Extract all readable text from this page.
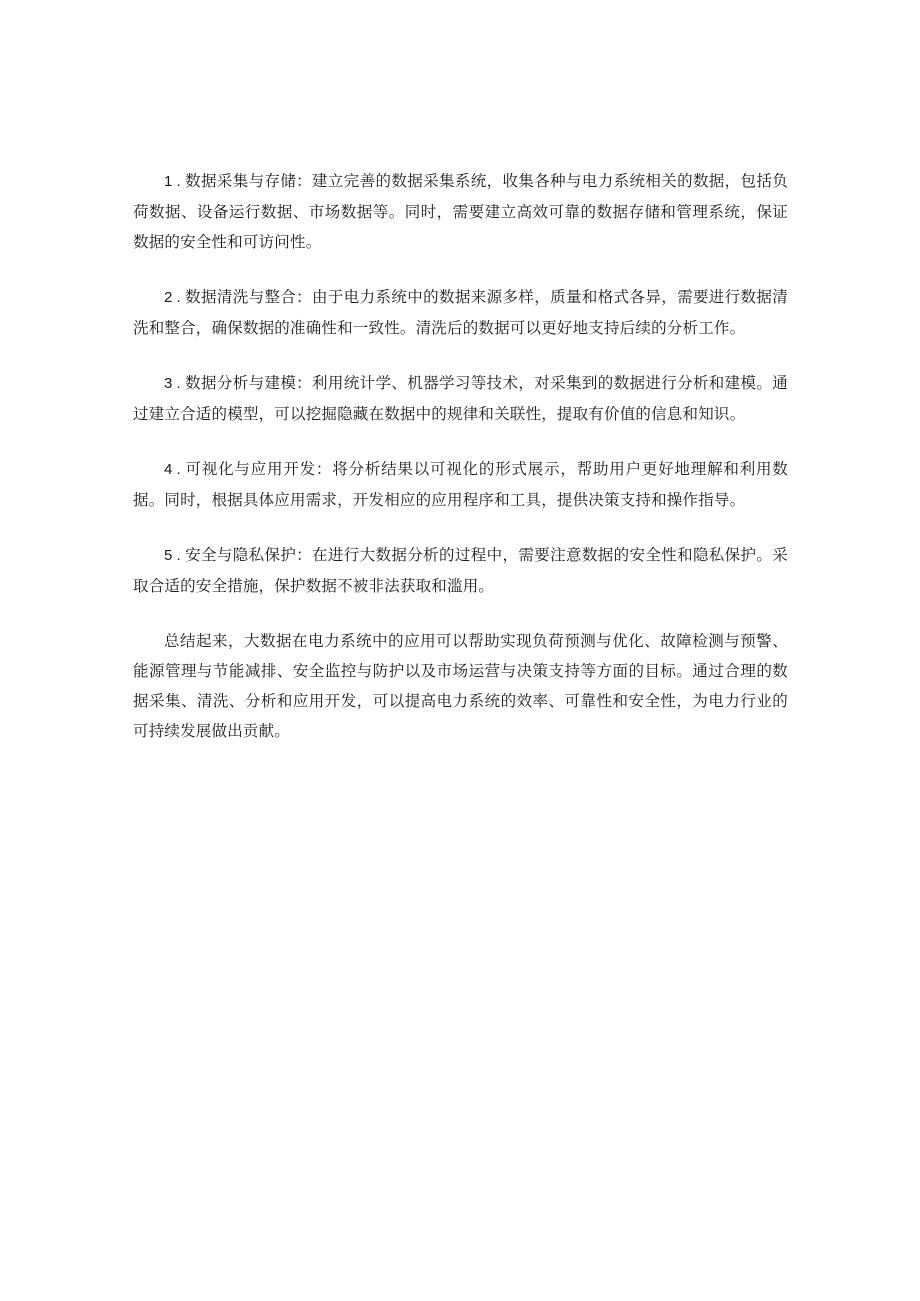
1 . 数据采集与存储：建立完善的数据采集系统，收集各种与电力系统相关的数据，包括负荷数据、设备运行数据、市场数据等。同时，需要建立高效可靠的数据存储和管理系统，保证数据的安全性和可访问性。

2 . 数据清洗与整合：由于电力系统中的数据来源多样，质量和格式各异，需要进行数据清洗和整合，确保数据的准确性和一致性。清洗后的数据可以更好地支持后续的分析工作。

3 . 数据分析与建模：利用统计学、机器学习等技术，对采集到的数据进行分析和建模。通过建立合适的模型，可以挖掘隐藏在数据中的规律和关联性，提取有价值的信息和知识。

4 . 可视化与应用开发：将分析结果以可视化的形式展示，帮助用户更好地理解和利用数据。同时，根据具体应用需求，开发相应的应用程序和工具，提供决策支持和操作指导。

5 . 安全与隐私保护：在进行大数据分析的过程中，需要注意数据的安全性和隐私保护。采取合适的安全措施，保护数据不被非法获取和滥用。

总结起来，大数据在电力系统中的应用可以帮助实现负荷预测与优化、故障检测与预警、能源管理与节能减排、安全监控与防护以及市场运营与决策支持等方面的目标。通过合理的数据采集、清洗、分析和应用开发，可以提高电力系统的效率、可靠性和安全性，为电力行业的可持续发展做出贡献。
